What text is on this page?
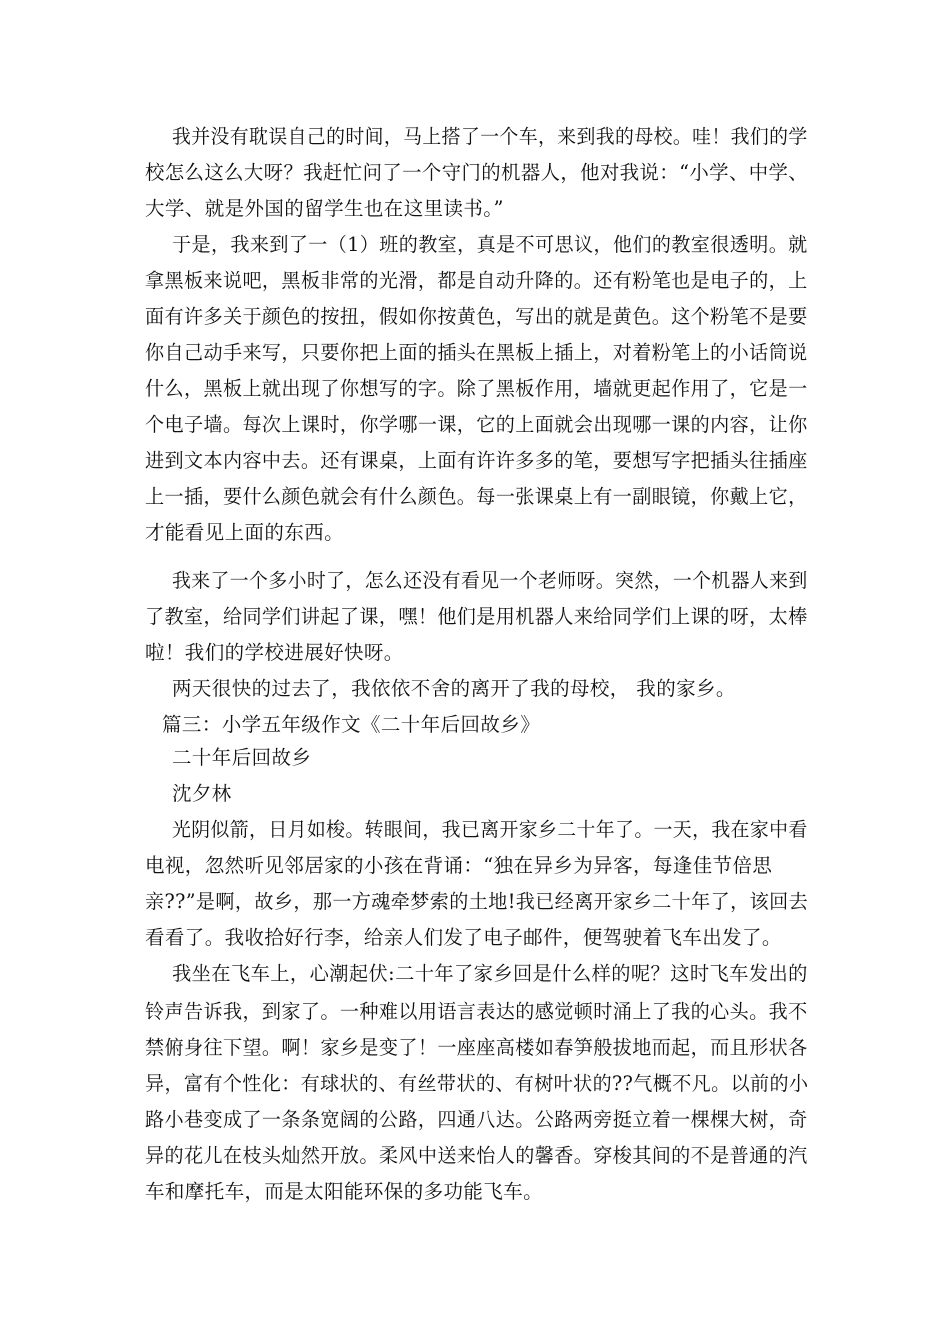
我并没有耽误自己的时间，马上搭了一个车，来到我的母校。哇！我们的学
校怎么这么大呀？我赶忙问了一个守门的机器人，他对我说：“小学、中学、
大学、就是外国的留学生也在这里读书。”
于是，我来到了一（1）班的教室，真是不可思议，他们的教室很透明。就
拿黑板来说吧，黑板非常的光滑，都是自动升降的。还有粉笔也是电子的，上
面有许多关于颜色的按扭，假如你按黄色，写出的就是黄色。这个粉笔不是要
你自己动手来写，只要你把上面的插头在黑板上插上，对着粉笔上的小话筒说
什么，黑板上就出现了你想写的字。除了黑板作用，墙就更起作用了，它是一
个电子墙。每次上课时，你学哪一课，它的上面就会出现哪一课的内容，让你
进到文本内容中去。还有课桌，上面有许许多多的笔，要想写字把插头往插座
上一插，要什么颜色就会有什么颜色。每一张课桌上有一副眼镜，你戴上它，
才能看见上面的东西。
我来了一个多小时了，怎么还没有看见一个老师呀。突然，一个机器人来到
了教室，给同学们讲起了课，嘿！他们是用机器人来给同学们上课的呀，太棒
啦！我们的学校进展好快呀。
两天很快的过去了，我依依不舍的离开了我的母校， 我的家乡。
篇三：小学五年级作文《二十年后回故乡》
二十年后回故乡
沈夕林
光阴似箭，日月如梭。转眼间，我已离开家乡二十年了。一天，我在家中看
电视，忽然听见邻居家的小孩在背诵：“独在异乡为异客，每逢佳节倍思
亲??”是啊，故乡，那一方魂牵梦索的土地!我已经离开家乡二十年了，该回去
看看了。我收拾好行李，给亲人们发了电子邮件，便驾驶着飞车出发了。
我坐在飞车上，心潮起伏:二十年了家乡回是什么样的呢？这时飞车发出的
铃声告诉我，到家了。一种难以用语言表达的感觉顿时涌上了我的心头。我不
禁俯身往下望。啊！家乡是变了！一座座高楼如春笋般拔地而起，而且形状各
异，富有个性化：有球状的、有丝带状的、有树叶状的??气概不凡。以前的小
路小巷变成了一条条宽阔的公路，四通八达。公路两旁挺立着一棵棵大树，奇
异的花儿在枝头灿然开放。柔风中送来怡人的馨香。穿梭其间的不是普通的汽
车和摩托车，而是太阳能环保的多功能飞车。
